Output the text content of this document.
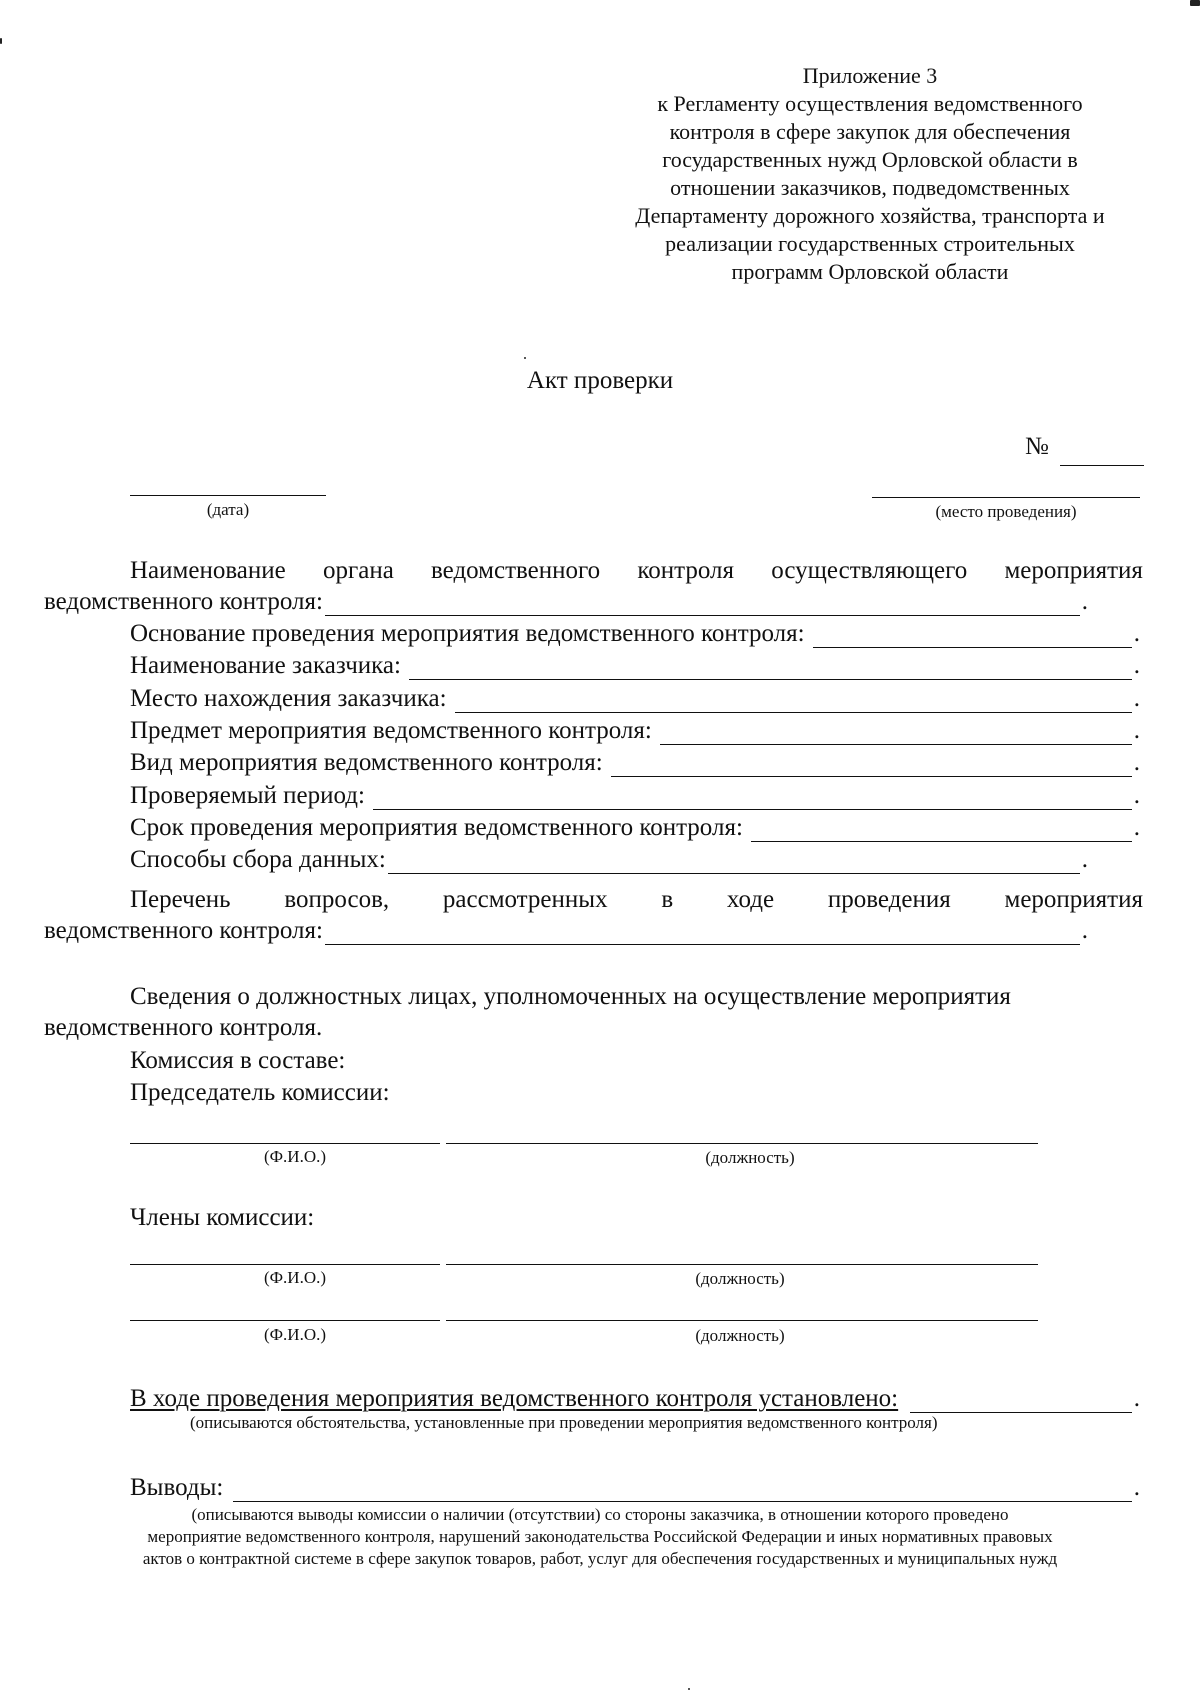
Приложение 3
к Регламенту осуществления ведомственного
контроля в сфере закупок для обеспечения
государственных нужд Орловской области в
отношении заказчиков, подведомственных
Департаменту дорожного хозяйства, транспорта и
реализации государственных строительных
программ Орловской области
Акт проверки
№
(дата)	(место проведения)
Наименование органа ведомственного контроля осуществляющего мероприятия
ведомственного контроля:	.
Основание проведения мероприятия ведомственного контроля:	.
Наименование заказчика:	.
Место нахождения заказчика:	.
Предмет мероприятия ведомственного контроля:	.
Вид мероприятия ведомственного контроля:	.
Проверяемый период:	.
Срок проведения мероприятия ведомственного контроля:	.
Способы сбора данных:	.
Перечень вопросов, рассмотренных в ходе проведения мероприятия
ведомственного контроля:	.
Сведения о должностных лицах, уполномоченных на осуществление мероприятия
ведомственного контроля.
Комиссия в составе:
Председатель комиссии:
(Ф.И.О.)	(должность)
Члены комиссии:
(Ф.И.О.)	(должность)
(Ф.И.О.)	(должность)
В ходе проведения мероприятия ведомственного контроля установлено:	.
(описываются обстоятельства, установленные при проведении мероприятия ведомственного контроля)
Выводы:	.
(описываются выводы комиссии о наличии (отсутствии) со стороны заказчика, в отношении которого проведено
мероприятие ведомственного контроля, нарушений законодательства Российской Федерации и иных нормативных правовых
актов о контрактной системе в сфере закупок товаров, работ, услуг для обеспечения государственных и муниципальных нужд
